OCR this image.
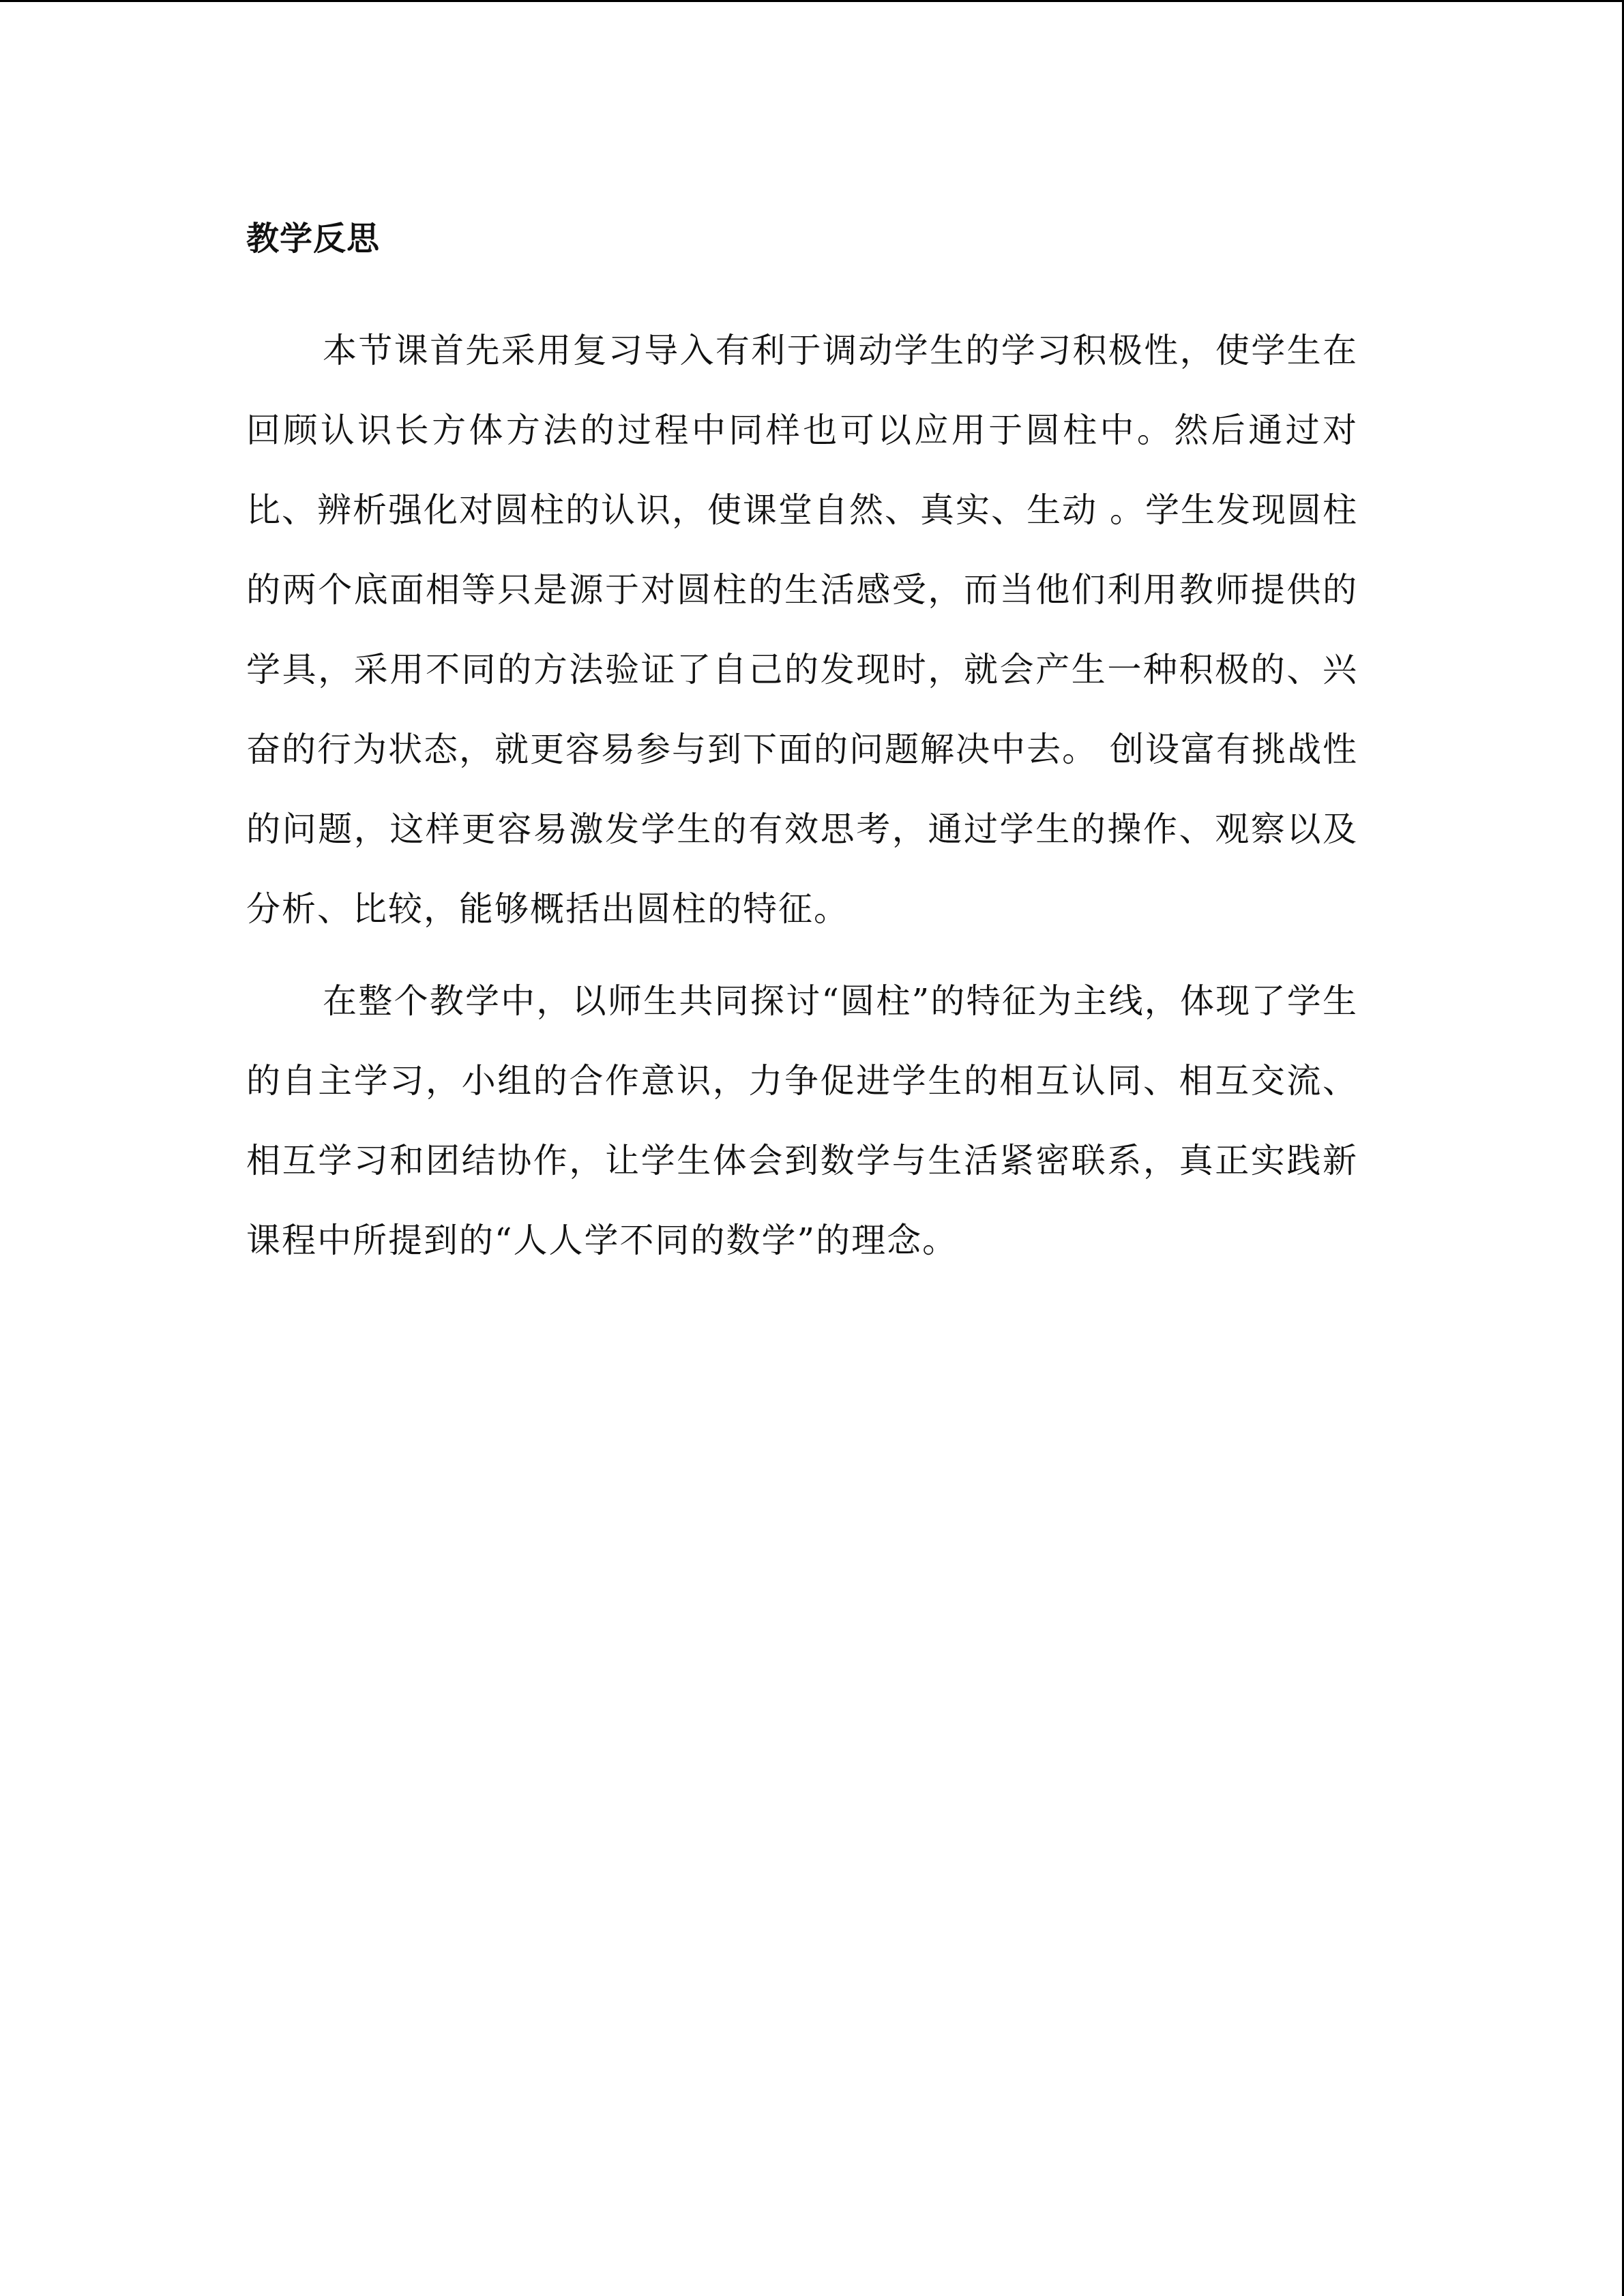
教学反思

本节课首先采用复习导入有利于调动学生的学习积极性，使学生在回顾认识长方体方法的过程中同样也可以应用于圆柱中。然后通过对比、辨析强化对圆柱的认识，使课堂自然、真实、生动 。学生发现圆柱的两个底面相等只是源于对圆柱的生活感受，而当他们利用教师提供的学具，采用不同的方法验证了自己的发现时，就会产生一种积极的、兴奋的行为状态，就更容易参与到下面的问题解决中去。 创设富有挑战性的问题，这样更容易激发学生的有效思考，通过学生的操作、观察以及分析、比较，能够概括出圆柱的特征。

在整个教学中，以师生共同探讨“圆柱”的特征为主线，体现了学生的自主学习，小组的合作意识，力争促进学生的相互认同、相互交流、相互学习和团结协作，让学生体会到数学与生活紧密联系，真正实践新课程中所提到的“人人学不同的数学”的理念。
